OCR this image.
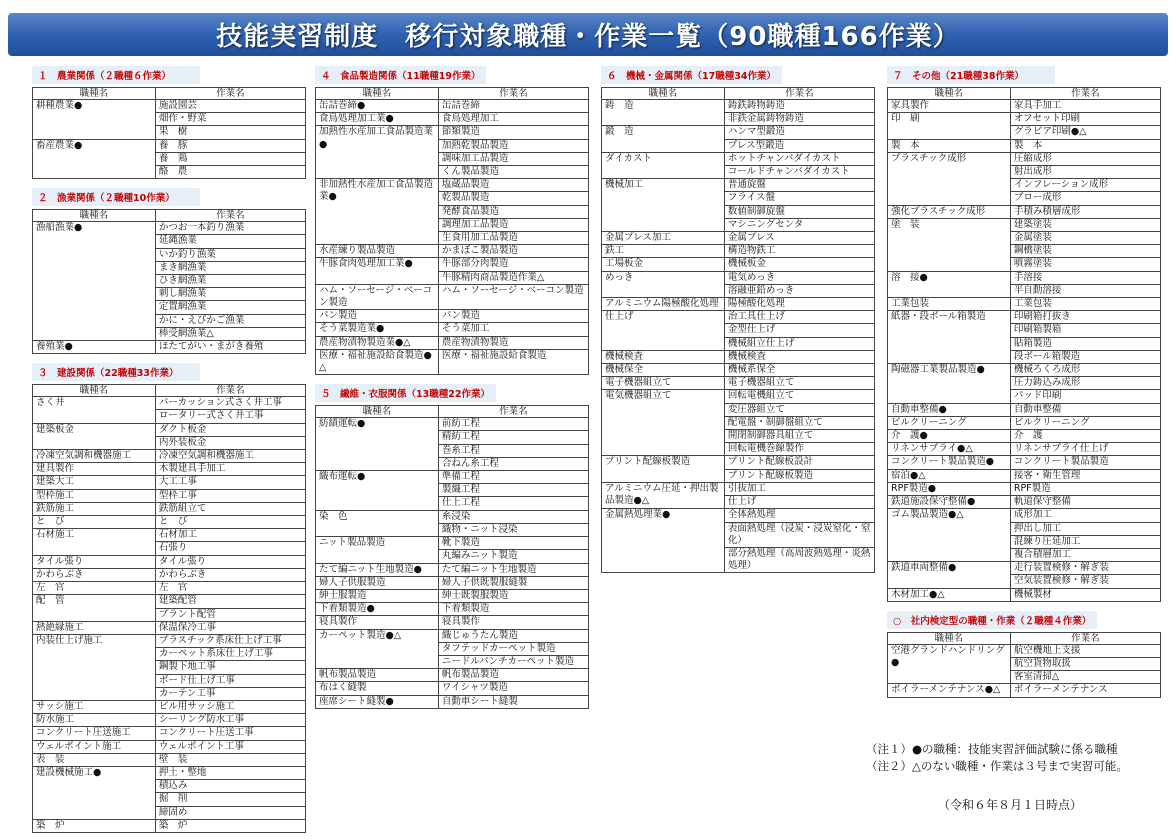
技能実習制度　移行対象職種・作業一覧（90職種166作業）
１　農業関係（２職種６作業）
職種名	作業名
耕種農業●	施設園芸
	畑作・野菜
	果　樹
畜産農業●	養　豚
	養　鶏
	酪　農
２　漁業関係（２職種10作業）
職種名	作業名
漁船漁業●	かつお一本釣り漁業
	延縄漁業
	いか釣り漁業
	まき網漁業
	ひき網漁業
	刺し網漁業
	定置網漁業
	かに・えびかご漁業
	棒受網漁業△
養殖業●	ほたてがい・まがき養殖
３　建設関係（22職種33作業）
職種名	作業名
さく井	パーカッション式さく井工事
	ロータリー式さく井工事
建築板金	ダクト板金
	内外装板金
冷凍空気調和機器施工	冷凍空気調和機器施工
建具製作	木製建具手加工
建築大工	大工工事
型枠施工	型枠工事
鉄筋施工	鉄筋組立て
と　び	と　び
石材施工	石材加工
	石張り
タイル張り	タイル張り
かわらぶき	かわらぶき
左　官	左　官
配　管	建築配管
	プラント配管
熱絶縁施工	保温保冷工事
内装仕上げ施工	プラスチック系床仕上げ工事
	カーペット系床仕上げ工事
	鋼製下地工事
	ボード仕上げ工事
	カーテン工事
サッシ施工	ビル用サッシ施工
防水施工	シーリング防水工事
コンクリート圧送施工	コンクリート圧送工事
ウェルポイント施工	ウェルポイント工事
表　装	壁　装
建設機械施工●	押土・整地
	積込み
	掘　削
	締固め
築　炉	築　炉
４　食品製造関係（11職種19作業）
職種名	作業名
缶詰巻締●	缶詰巻締
食鳥処理加工業●	食鳥処理加工
加熱性水産加工食品製造業●	節類製造
	加熱乾製品製造
	調味加工品製造
	くん製品製造
非加熱性水産加工食品製造業●	塩蔵品製造
	乾製品製造
	発酵食品製造
	調理加工品製造
	生食用加工品製造
水産練り製品製造	かまぼこ製品製造
牛豚食肉処理加工業●	牛豚部分肉製造
	牛豚精肉商品製造作業△
ハム・ソーセージ・ベーコン製造	ハム・ソーセージ・ベーコン製造
パン製造	パン製造
そう菜製造業●	そう菜加工
農産物漬物製造業●△	農産物漬物製造
医療・福祉施設給食製造●△	医療・福祉施設給食製造
５　繊維・衣服関係（13職種22作業）
職種名	作業名
紡績運転●	前紡工程
	精紡工程
	巻糸工程
	合ねん糸工程
織布運転●	準備工程
	製織工程
	仕上工程
染　色	糸浸染
	織物・ニット浸染
ニット製品製造	靴下製造
	丸編みニット製造
たて編ニット生地製造●	たて編ニット生地製造
婦人子供服製造	婦人子供既製服縫製
紳士服製造	紳士既製服製造
下着類製造●	下着類製造
寝具製作	寝具製作
カーペット製造●△	織じゅうたん製造
	タフテッドカーペット製造
	ニードルパンチカーペット製造
帆布製品製造	帆布製品製造
布はく縫製	ワイシャツ製造
座席シート縫製●	自動車シート縫製
６　機械・金属関係（17職種34作業）
職種名	作業名
鋳　造	鋳鉄鋳物鋳造
	非鉄金属鋳物鋳造
鍛　造	ハンマ型鍛造
	プレス型鍛造
ダイカスト	ホットチャンバダイカスト
	コールドチャンバダイカスト
機械加工	普通旋盤
	フライス盤
	数値制御旋盤
	マシニングセンタ
金属プレス加工	金属プレス
鉄工	構造物鉄工
工場板金	機械板金
めっき	電気めっき
	溶融亜鉛めっき
アルミニウム陽極酸化処理	陽極酸化処理
仕上げ	治工具仕上げ
	金型仕上げ
	機械組立仕上げ
機械検査	機械検査
機械保全	機械系保全
電子機器組立て	電子機器組立て
電気機器組立て	回転電機組立て
	変圧器組立て
	配電盤・制御盤組立て
	開閉制御器具組立て
	回転電機巻線製作
プリント配線板製造	プリント配線板設計
	プリント配線板製造
アルミニウム圧延・押出製品製造●△	引抜加工
	仕上げ
金属熱処理業●	全体熱処理
	表面熱処理（浸炭・浸炭窒化・窒化）
	部分熱処理（高周波熱処理・炎熱処理）
７　その他（21職種38作業）
職種名	作業名
家具製作	家具手加工
印　刷	オフセット印刷
	グラビア印刷●△
製　本	製　本
プラスチック成形	圧縮成形
	射出成形
	インフレーション成形
	ブロー成形
強化プラスチック成形	手積み積層成形
塗　装	建築塗装
	金属塗装
	鋼橋塗装
	噴霧塗装
溶　接●	手溶接
	半自動溶接
工業包装	工業包装
紙器・段ボール箱製造	印刷箱打抜き
	印刷箱製箱
	貼箱製造
	段ボール箱製造
陶磁器工業製品製造●	機械ろくろ成形
	圧力鋳込み成形
	パッド印刷
自動車整備●	自動車整備
ビルクリーニング	ビルクリーニング
介　護●	介　護
リネンサプライ●△	リネンサプライ仕上げ
コンクリート製品製造●	コンクリート製品製造
宿泊●△	接客・衛生管理
RPF製造●	RPF製造
鉄道施設保守整備●	軌道保守整備
ゴム製品製造●△	成形加工
	押出し加工
	混練り圧延加工
	複合積層加工
鉄道車両整備●	走行装置検修・解ぎ装
	空気装置検修・解ぎ装
木材加工●△	機械製材
○　社内検定型の職種・作業（２職種４作業）
職種名	作業名
空港グランドハンドリング●	航空機地上支援
	航空貨物取扱
	客室清掃△
ボイラーメンテナンス●△	ボイラーメンテナンス
（注１）●の職種：技能実習評価試験に係る職種
（注２）△のない職種・作業は３号まで実習可能。
（令和６年８月１日時点）
